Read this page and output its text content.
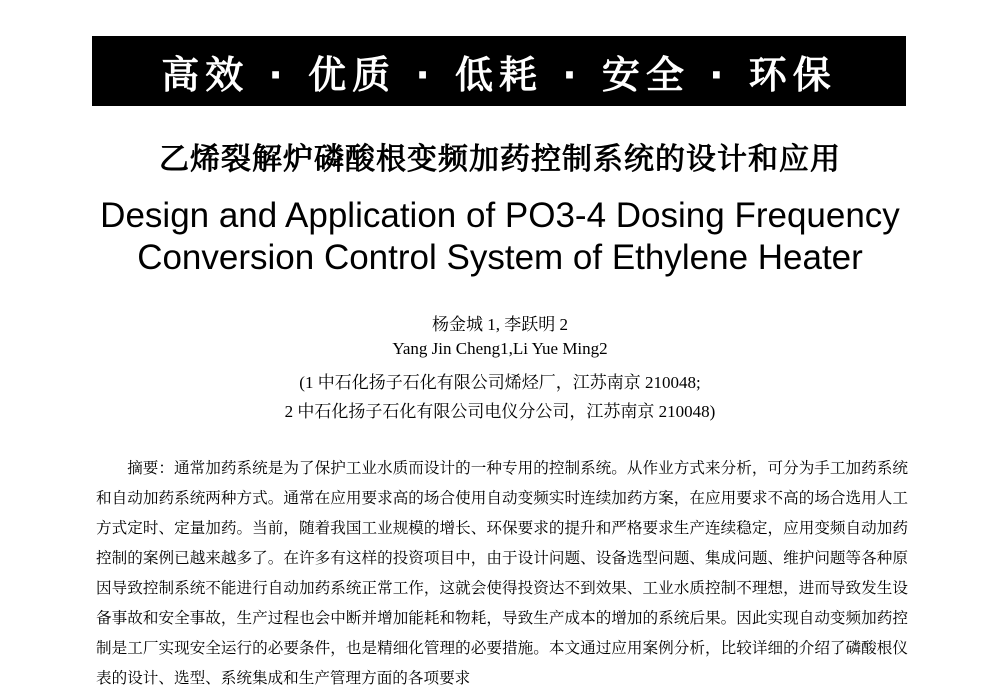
高效 · 优质 · 低耗 · 安全 · 环保
乙烯裂解炉磷酸根变频加药控制系统的设计和应用
Design and Application of PO3-4 Dosing Frequency
Conversion Control System of Ethylene Heater
杨金城 1, 李跃明 2
Yang Jin Cheng1,Li Yue Ming2
(1 中石化扬子石化有限公司烯烃厂，江苏南京 210048;
2 中石化扬子石化有限公司电仪分公司，江苏南京 210048)

摘要：通常加药系统是为了保护工业水质而设计的一种专用的控制系统。从作业方式来分析，可分为手工加药系统和自动加药系统两种方式。通常在应用要求高的场合使用自动变频实时连续加药方案，在应用要求不高的场合选用人工方式定时、定量加药。当前，随着我国工业规模的增长、环保要求的提升和严格要求生产连续稳定，应用变频自动加药控制的案例已越来越多了。在许多有这样的投资项目中，由于设计问题、设备选型问题、集成问题、维护问题等各种原因导致控制系统不能进行自动加药系统正常工作，这就会使得投资达不到效果、工业水质控制不理想，进而导致发生设备事故和安全事故，生产过程也会中断并增加能耗和物耗，导致生产成本的增加的系统后果。因此实现自动变频加药控制是工厂实现安全运行的必要条件，也是精细化管理的必要措施。本文通过应用案例分析，比较详细的介绍了磷酸根仪表的设计、选型、系统集成和生产管理方面的各项要求
